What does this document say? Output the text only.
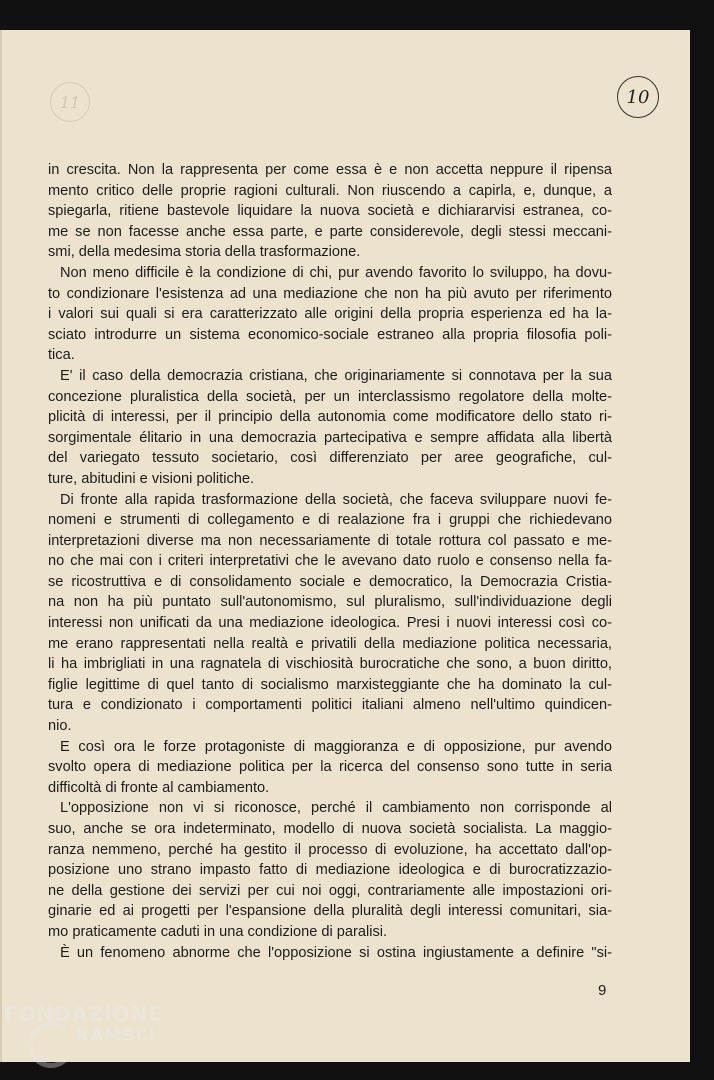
11	10

in crescita. Non la rappresenta per come essa è e non accetta neppure il ripensa

mento critico delle proprie ragioni culturali. Non riuscendo a capirla, e, dunque, a

spiegarla, ritiene bastevole liquidare la nuova società e dichiararvisi estranea, co-

me se non facesse anche essa parte, e parte considerevole, degli stessi meccani-

smi, della medesima storia della trasformazione.

Non meno difficile è la condizione di chi, pur avendo favorito lo sviluppo, ha dovu-

to condizionare l'esistenza ad una mediazione che non ha più avuto per riferimento

i valori sui quali si era caratterizzato alle origini della propria esperienza ed ha la-

sciato introdurre un sistema economico-sociale estraneo alla propria filosofia poli-

tica.

E' il caso della democrazia cristiana, che originariamente si connotava per la sua

concezione pluralistica della società, per un interclassismo regolatore della molte-

plicità di interessi, per il principio della autonomia come modificatore dello stato ri-

sorgimentale élitario in una democrazia partecipativa e sempre affidata alla libertà

del variegato tessuto societario, così differenziato per aree geografiche, cul-

ture, abitudini e visioni politiche.

Di fronte alla rapida trasformazione della società, che faceva sviluppare nuovi fe-

nomeni e strumenti di collegamento e di realazione fra i gruppi che richiedevano

interpretazioni diverse ma non necessariamente di totale rottura col passato e me-

no che mai con i criteri interpretativi che le avevano dato ruolo e consenso nella fa-

se ricostruttiva e di consolidamento sociale e democratico, la Democrazia Cristia-

na non ha più puntato sull'autonomismo, sul pluralismo, sull'individuazione degli

interessi non unificati da una mediazione ideologica. Presi i nuovi interessi così co-

me erano rappresentati nella realtà e privatili della mediazione politica necessaria,

li ha imbrigliati in una ragnatela di vischiosità burocratiche che sono, a buon diritto,

figlie legittime di quel tanto di socialismo marxisteggiante che ha dominato la cul-

tura e condizionato i comportamenti politici italiani almeno nell'ultimo quindicen-

nio.

E così ora le forze protagoniste di maggioranza e di opposizione, pur avendo

svolto opera di mediazione politica per la ricerca del consenso sono tutte in seria

difficoltà di fronte al cambiamento.

L'opposizione non vi si riconosce, perché il cambiamento non corrisponde al

suo, anche se ora indeterminato, modello di nuova società socialista. La maggio-

ranza nemmeno, perché ha gestito il processo di evoluzione, ha accettato dall'op-

posizione uno strano impasto fatto di mediazione ideologica e di burocratizzazio-

ne della gestione dei servizi per cui noi oggi, contrariamente alle impostazioni ori-

ginarie ed ai progetti per l'espansione della pluralità degli interessi comunitari, sia-

mo praticamente caduti in una condizione di paralisi.

È un fenomeno abnorme che l'opposizione si ostina ingiustamente a definire "si-

9
FONDAZIONE
RAMSCI
